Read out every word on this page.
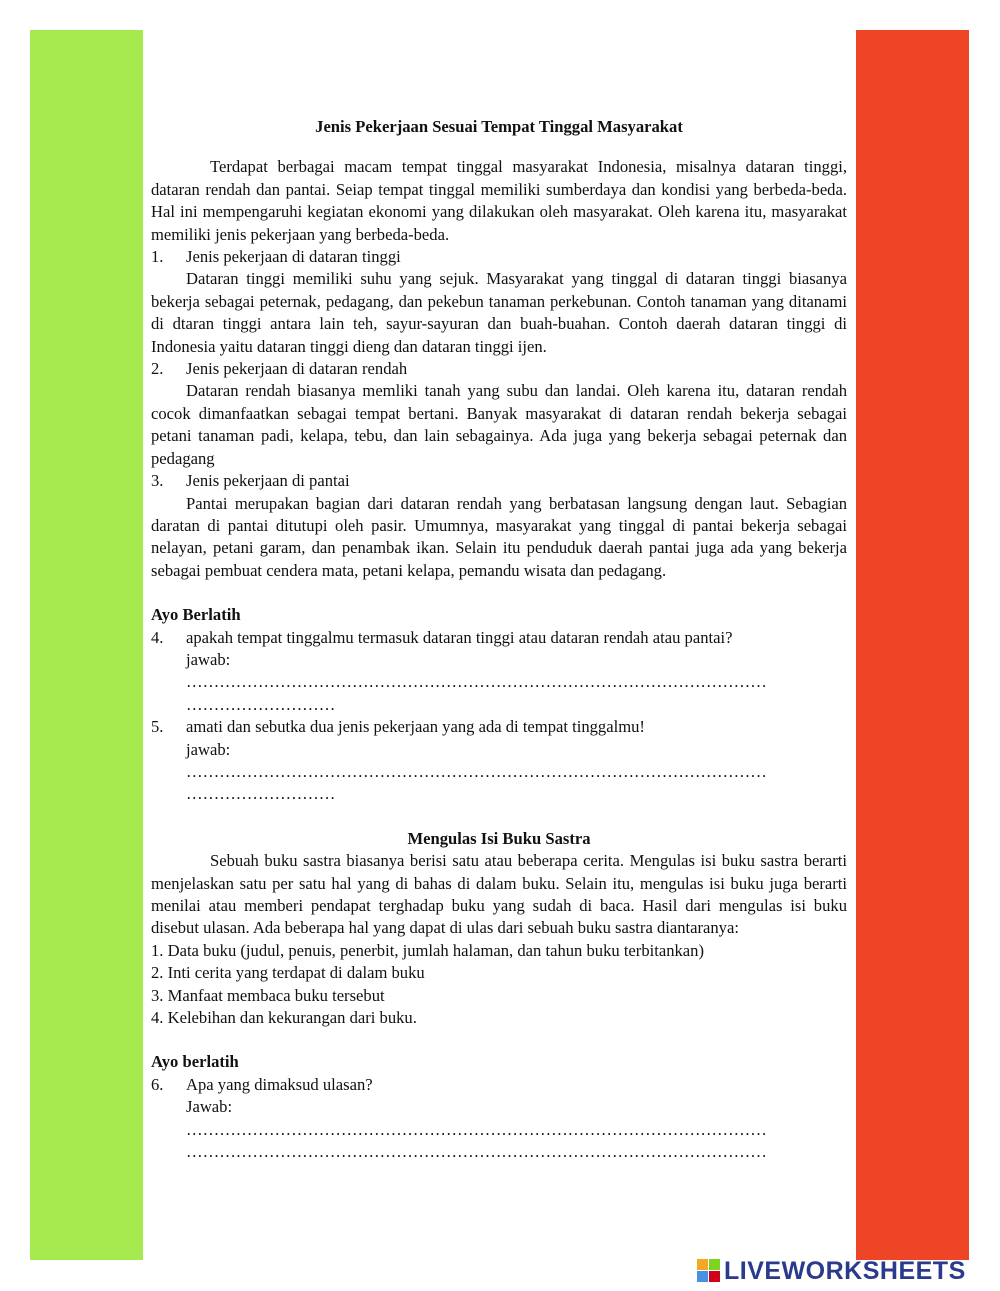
Jenis Pekerjaan Sesuai Tempat Tinggal Masyarakat

Terdapat berbagai macam tempat tinggal masyarakat Indonesia, misalnya dataran tinggi, dataran rendah dan pantai. Seiap tempat tinggal memiliki sumberdaya dan kondisi yang berbeda-beda. Hal ini mempengaruhi kegiatan ekonomi yang dilakukan oleh masyarakat. Oleh karena itu, masyarakat memiliki jenis pekerjaan yang berbeda-beda.

1.	Jenis pekerjaan di dataran tinggi

Dataran tinggi memiliki suhu yang sejuk. Masyarakat yang tinggal di dataran tinggi biasanya bekerja sebagai peternak, pedagang, dan pekebun tanaman perkebunan. Contoh tanaman yang ditanami di dtaran tinggi antara lain teh, sayur-sayuran dan buah-buahan. Contoh daerah dataran tinggi di Indonesia yaitu dataran tinggi dieng dan dataran tinggi ijen.

2.	Jenis pekerjaan di dataran rendah

Dataran rendah biasanya memliki tanah yang subu dan landai. Oleh karena itu, dataran rendah cocok dimanfaatkan sebagai tempat bertani. Banyak masyarakat di dataran rendah bekerja sebagai petani tanaman padi, kelapa, tebu, dan lain sebagainya. Ada juga yang bekerja sebagai peternak dan pedagang

3.	Jenis pekerjaan di pantai

Pantai merupakan bagian dari dataran rendah yang berbatasan langsung dengan laut. Sebagian daratan di pantai ditutupi oleh pasir. Umumnya, masyarakat yang tinggal di pantai bekerja sebagai nelayan, petani garam, dan penambak ikan. Selain itu penduduk daerah pantai juga ada yang bekerja sebagai pembuat cendera mata, petani kelapa, pemandu wisata dan pedagang.

Ayo Berlatih

4.	apakah tempat tinggalmu termasuk dataran tinggi atau dataran rendah atau pantai?

jawab:

……………………………………………………………………………………………

………………………

5.	amati dan sebutka dua jenis pekerjaan yang ada di tempat tinggalmu!

jawab:

……………………………………………………………………………………………

………………………

Mengulas Isi Buku Sastra

Sebuah buku sastra biasanya berisi satu atau beberapa cerita. Mengulas isi buku sastra berarti menjelaskan satu per satu hal yang di bahas di dalam buku. Selain itu, mengulas isi buku juga berarti menilai atau memberi pendapat terghadap buku yang sudah di baca. Hasil dari mengulas isi buku disebut ulasan. Ada beberapa hal yang dapat di ulas dari sebuah buku sastra diantaranya:

1. Data buku (judul, penuis, penerbit, jumlah halaman, dan tahun buku terbitankan)

2. Inti cerita yang terdapat di dalam buku

3. Manfaat membaca buku tersebut

4. Kelebihan dan kekurangan dari buku.

Ayo berlatih

6.	Apa yang dimaksud ulasan?

Jawab:

……………………………………………………………………………………………

……………………………………………………………………………………………

LIVEWORKSHEETS
